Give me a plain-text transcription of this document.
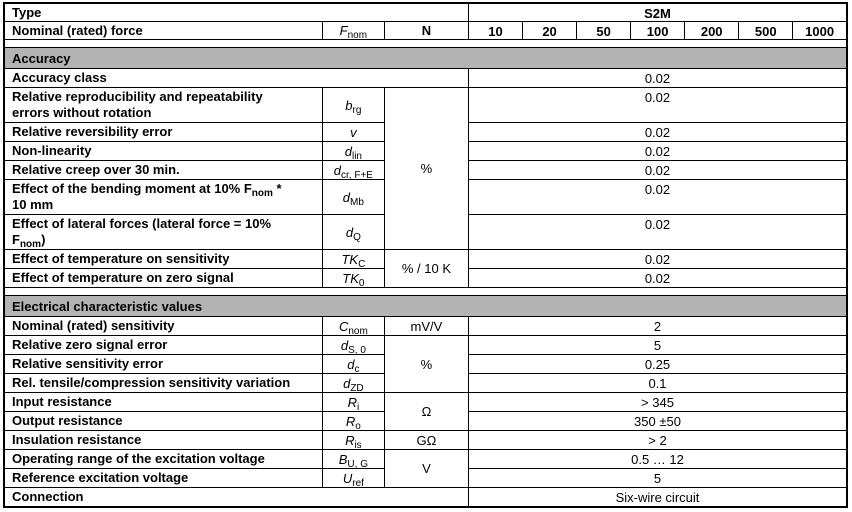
Type			S2M						
Nominal (rated) force	$F_{nom}$	N	10	20	50	100	200	500	1000

Accuracy									
Accuracy class			0.02						
Relative reproducibility and repeatability
errors without rotation	$b_{rg}$	%	0.02						
Relative reversibility error	v		0.02						
Non-linearity	$d_{lin}$		0.02						
Relative creep over 30 min.	$d_{cr, F+E}$		0.02						
Effect of the bending moment at 10% $F_{nom}$ *
10 mm	$d_{Mb}$		0.02						
Effect of lateral forces (lateral force = 10%
$F_{nom}$)	$d_Q$		0.02						
Effect of temperature on sensitivity	$TK_C$	% / 10 K	0.02						
Effect of temperature on zero signal	$TK_0$		0.02						

Electrical characteristic values									
Nominal (rated) sensitivity	$C_{nom}$	mV/V	2						
Relative zero signal error	$d_{S, 0}$	%	5						
Relative sensitivity error	$d_c$		0.25						
Rel. tensile/compression sensitivity variation	$d_{ZD}$		0.1						
Input resistance	$R_i$	Ω	> 345						
Output resistance	$R_o$		350 ±50						
Insulation resistance	$R_{is}$	GΩ	> 2						
Operating range of the excitation voltage	$B_{U, G}$	V	0.5 … 12						
Reference excitation voltage	$U_{ref}$		5						
Connection			Six-wire circuit						
